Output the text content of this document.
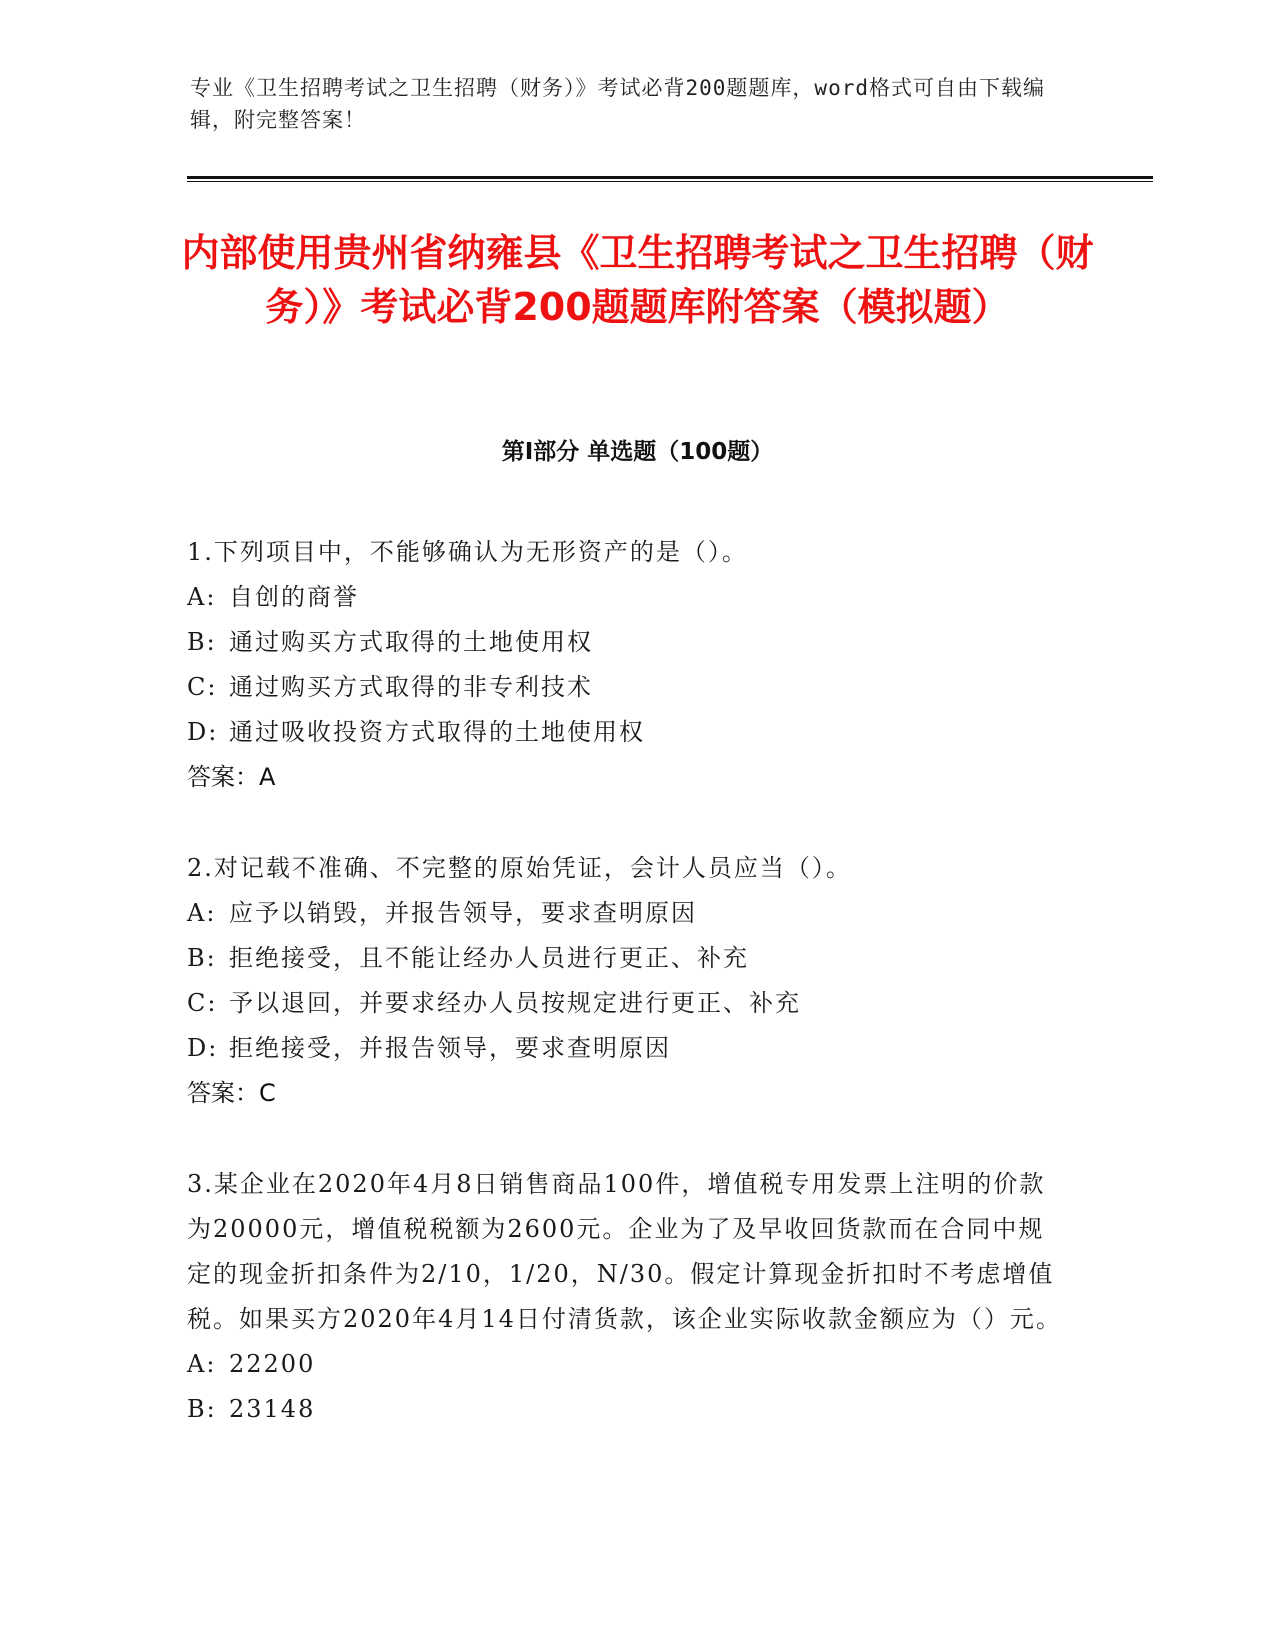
专业《卫生招聘考试之卫生招聘（财务）》考试必背200题题库，word格式可自由下载编辑，附完整答案！
内部使用贵州省纳雍县《卫生招聘考试之卫生招聘（财务）》考试必背200题题库附答案（模拟题）
第I部分 单选题（100题）

1.下列项目中，不能够确认为无形资产的是（）。

A: 自创的商誉

B: 通过购买方式取得的土地使用权

C: 通过购买方式取得的非专利技术

D: 通过吸收投资方式取得的土地使用权

答案：A

2.对记载不准确、不完整的原始凭证，会计人员应当（）。

A: 应予以销毁，并报告领导，要求查明原因

B: 拒绝接受，且不能让经办人员进行更正、补充

C: 予以退回，并要求经办人员按规定进行更正、补充

D: 拒绝接受，并报告领导，要求查明原因

答案：C

3.某企业在2020年4月8日销售商品100件，增值税专用发票上注明的价款为20000元，增值税税额为2600元。企业为了及早收回货款而在合同中规定的现金折扣条件为2/10，1/20，N/30。假定计算现金折扣时不考虑增值税。如果买方2020年4月14日付清货款，该企业实际收款金额应为（）元。

A: 22200

B: 23148
